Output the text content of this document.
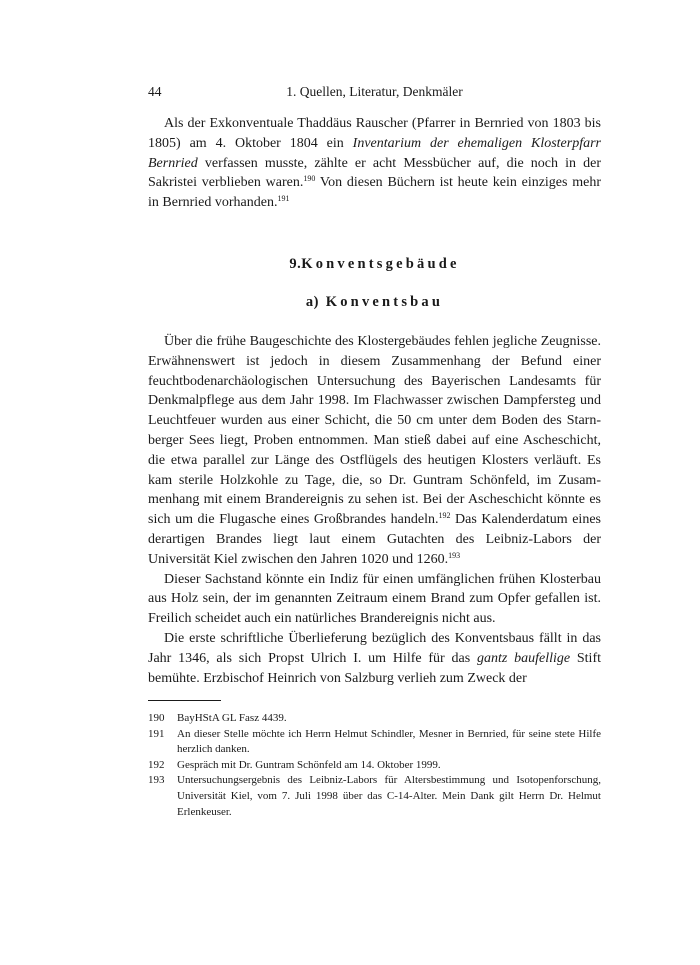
44	1. Quellen, Literatur, Denkmäler

Als der Exkonventuale Thaddäus Rauscher (Pfarrer in Bernried von 1803 bis 1805) am 4. Oktober 1804 ein Inventarium der ehemaligen Klosterpfarr Bernried verfassen musste, zählte er acht Messbücher auf, die noch in der Sakristei verblieben waren.$^{190}$ Von diesen Büchern ist heute kein einziges mehr in Bernried vorhanden.$^{191}$

9.Konventsgebäude
a) Konventsbau

Über die frühe Baugeschichte des Klostergebäudes fehlen jegliche Zeugnisse. Erwähnenswert ist jedoch in diesem Zusammenhang der Befund einer feuchtbodenarchäologischen Untersuchung des Bayerischen Landesamts für Denkmalpflege aus dem Jahr 1998. Im Flachwasser zwischen Dampfersteg und Leuchtfeuer wurden aus einer Schicht, die 50 cm unter dem Boden des Starnberger Sees liegt, Proben entnommen. Man stieß dabei auf eine Ascheschicht, die etwa parallel zur Länge des Ostflügels des heutigen Klosters verläuft. Es kam sterile Holzkohle zu Tage, die, so Dr. Guntram Schönfeld, im Zusammenhang mit einem Brandereignis zu sehen ist. Bei der Ascheschicht könnte es sich um die Flugasche eines Großbrandes handeln.$^{192}$ Das Kalenderdatum eines derartigen Brandes liegt laut einem Gutachten des Leibniz-Labors der Universität Kiel zwischen den Jahren 1020 und 1260.$^{193}$

Dieser Sachstand könnte ein Indiz für einen umfänglichen frühen Klosterbau aus Holz sein, der im genannten Zeitraum einem Brand zum Opfer gefallen ist. Freilich scheidet auch ein natürliches Brandereignis nicht aus.

Die erste schriftliche Überlieferung bezüglich des Konventsbaus fällt in das Jahr 1346, als sich Propst Ulrich I. um Hilfe für das gantz baufellige Stift bemühte. Erzbischof Heinrich von Salzburg verlieh zum Zweck der

190 BayHStA GL Fasz 4439.
191 An dieser Stelle möchte ich Herrn Helmut Schindler, Mesner in Bernried, für seine stete Hilfe herzlich danken.
192 Gespräch mit Dr. Guntram Schönfeld am 14. Oktober 1999.
193 Untersuchungsergebnis des Leibniz-Labors für Altersbestimmung und Isotopenforschung, Universität Kiel, vom 7. Juli 1998 über das C-14-Alter. Mein Dank gilt Herrn Dr. Helmut Erlenkeuser.
